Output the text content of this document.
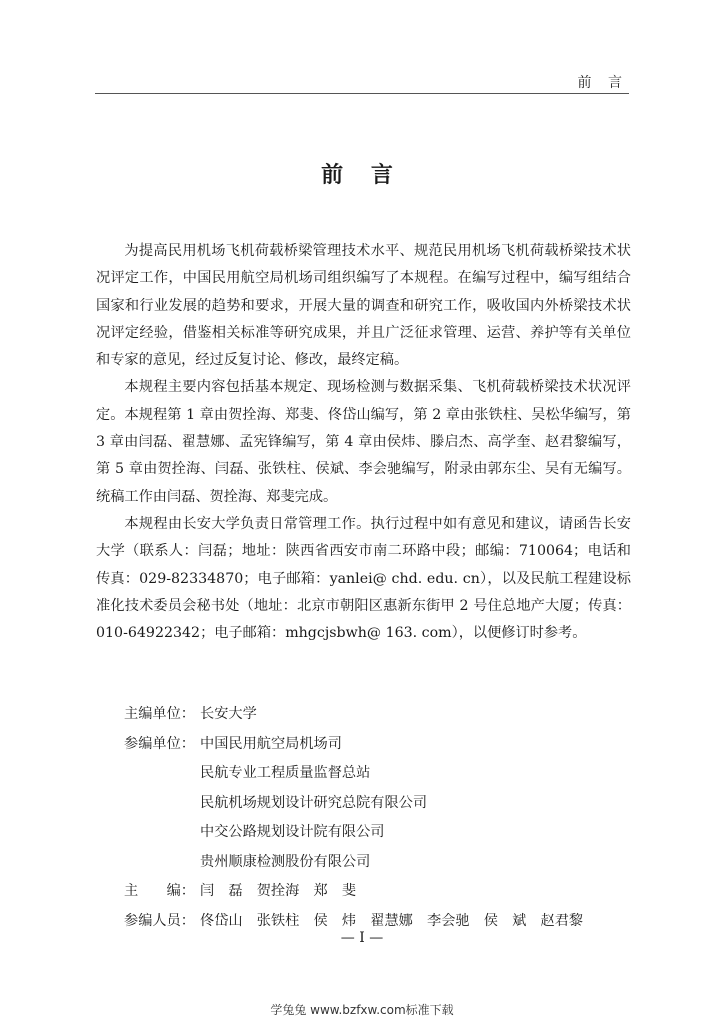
前 言
前 言

为提高民用机场飞机荷载桥梁管理技术水平、规范民用机场飞机荷载桥梁技术状况评定工作，中国民用航空局机场司组织编写了本规程。在编写过程中，编写组结合国家和行业发展的趋势和要求，开展大量的调查和研究工作，吸收国内外桥梁技术状况评定经验，借鉴相关标准等研究成果，并且广泛征求管理、运营、养护等有关单位和专家的意见，经过反复讨论、修改，最终定稿。

本规程主要内容包括基本规定、现场检测与数据采集、飞机荷载桥梁技术状况评定。本规程第 1 章由贺拴海、郑斐、佟岱山编写，第 2 章由张铁柱、吴松华编写，第 3 章由闫磊、翟慧娜、孟宪锋编写，第 4 章由侯炜、滕启杰、高学奎、赵君黎编写，第 5 章由贺拴海、闫磊、张铁柱、侯斌、李会驰编写，附录由郭东尘、吴有无编写。统稿工作由闫磊、贺拴海、郑斐完成。

本规程由长安大学负责日常管理工作。执行过程中如有意见和建议，请函告长安大学（联系人：闫磊；地址：陕西省西安市南二环路中段；邮编：710064；电话和传真：029-82334870；电子邮箱：yanlei@ chd. edu. cn），以及民航工程建设标准化技术委员会秘书处（地址：北京市朝阳区惠新东街甲 2 号住总地产大厦；传真：010-64922342；电子邮箱：mhgcjsbwh@ 163. com），以便修订时参考。

主编单位： 长安大学
参编单位： 中国民用航空局机场司
民航专业工程质量监督总站
民航机场规划设计研究总院有限公司
中交公路规划设计院有限公司
贵州顺康检测股份有限公司
主　　编： 闫　磊　贺拴海　郑　斐
参编人员： 佟岱山　张铁柱　侯　炜　翟慧娜　李会驰　侯　斌　赵君黎
— I —
学兔兔 www.bzfxw.com标准下载
